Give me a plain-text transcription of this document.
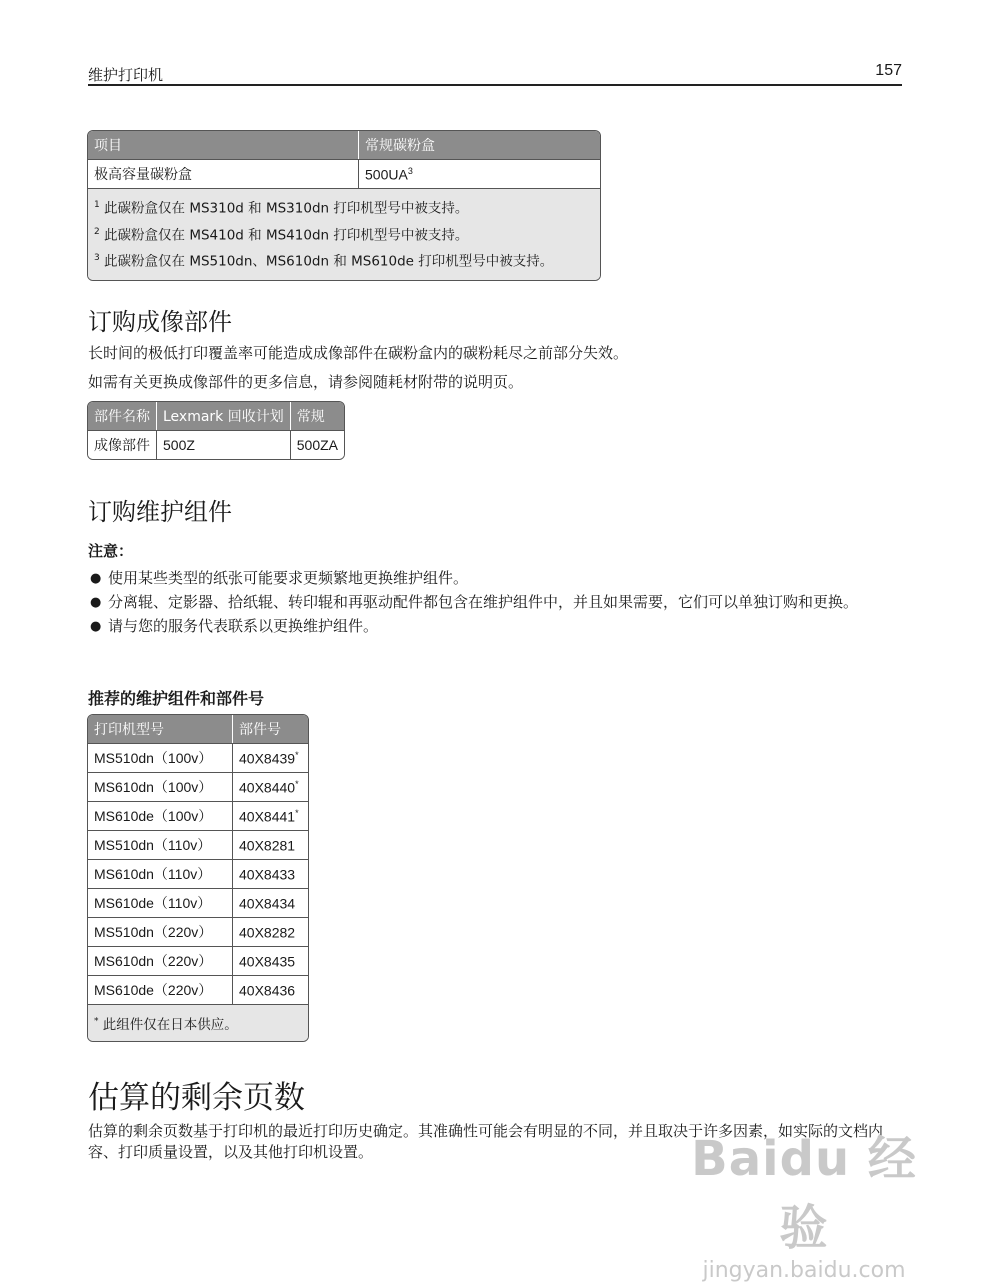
维护打印机	157
项目	常规碳粉盒
极高容量碳粉盒	$500UA^3$

$^1$ 此碳粉盒仅在 MS310d 和 MS310dn 打印机型号中被支持。

$^2$ 此碳粉盒仅在 MS410d 和 MS410dn 打印机型号中被支持。

$^3$ 此碳粉盒仅在 MS510dn、MS610dn 和 MS610de 打印机型号中被支持。	

订购成像部件

长时间的极低打印覆盖率可能造成成像部件在碳粉盒内的碳粉耗尽之前部分失效。

如需有关更换成像部件的更多信息，请参阅随耗材附带的说明页。

部件名称	Lexmark 回收计划	常规
成像部件	500Z	500ZA
订购维护组件

注意：

● 使用某些类型的纸张可能要求更频繁地更换维护组件。
● 分离辊、定影器、拾纸辊、转印辊和再驱动配件都包含在维护组件中，并且如果需要，它们可以单独订购和更换。
● 请与您的服务代表联系以更换维护组件。

推荐的维护组件和部件号

打印机型号	部件号
MS510dn（100v）	40X8439*
MS610dn（100v）	40X8440*
MS610de（100v）	40X8441*
MS510dn（110v）	40X8281
MS610dn（110v）	40X8433
MS610de（110v）	40X8434
MS510dn（220v）	40X8282
MS610dn（220v）	40X8435
MS610de（220v）	40X8436
* 此组件仅在日本供应。	
估算的剩余页数

估算的剩余页数基于打印机的最近打印历史确定。其准确性可能会有明显的不同，并且取决于许多因素，如实际的文档内容、打印质量设置，以及其他打印机设置。	Baidu 经验
jingyan.baidu.com
